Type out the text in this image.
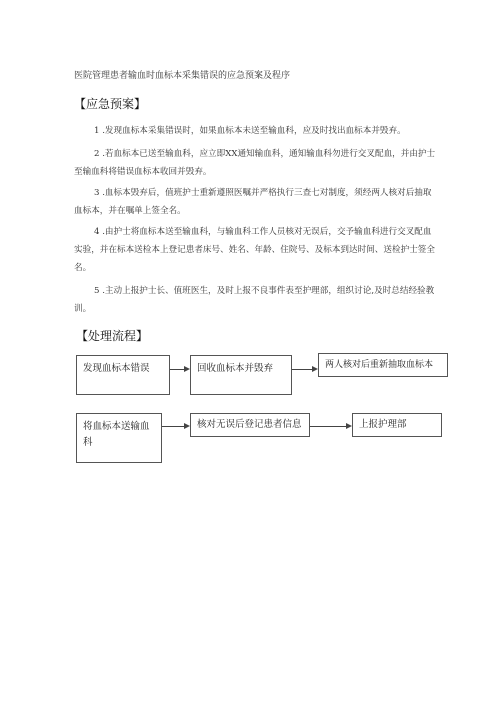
医院管理患者输血时血标本采集错误的应急预案及程序
【应急预案】

1 .发现血标本采集错误时，如果血标本未送至输血科，应及时找出血标本并毁弃。

2 .若血标本已送至输血科，应立即XX通知输血科，通知输血科勿进行交叉配血，并由护士至输血科将错误血标本收回并毁弃。

3 .血标本毁弃后，值班护士重新遵照医嘱并严格执行三查七对制度，须经两人核对后抽取血标本，并在嘱单上签全名。

4 .由护士将血标本送至输血科，与输血科工作人员核对无误后，交予输血科进行交叉配血实验，并在标本送检本上登记患者床号、姓名、年龄、住院号、及标本到达时间、送检护士签全名。

5 .主动上报护士长、值班医生，及时上报不良事件表至护理部，组织讨论,及时总结经验教训。

【处理流程】
发现血标本错误	回收血标本并毁弃	两人核对后重新抽取血标本
将血标本送输血科
核对无误后登记患者信息	上报护理部
